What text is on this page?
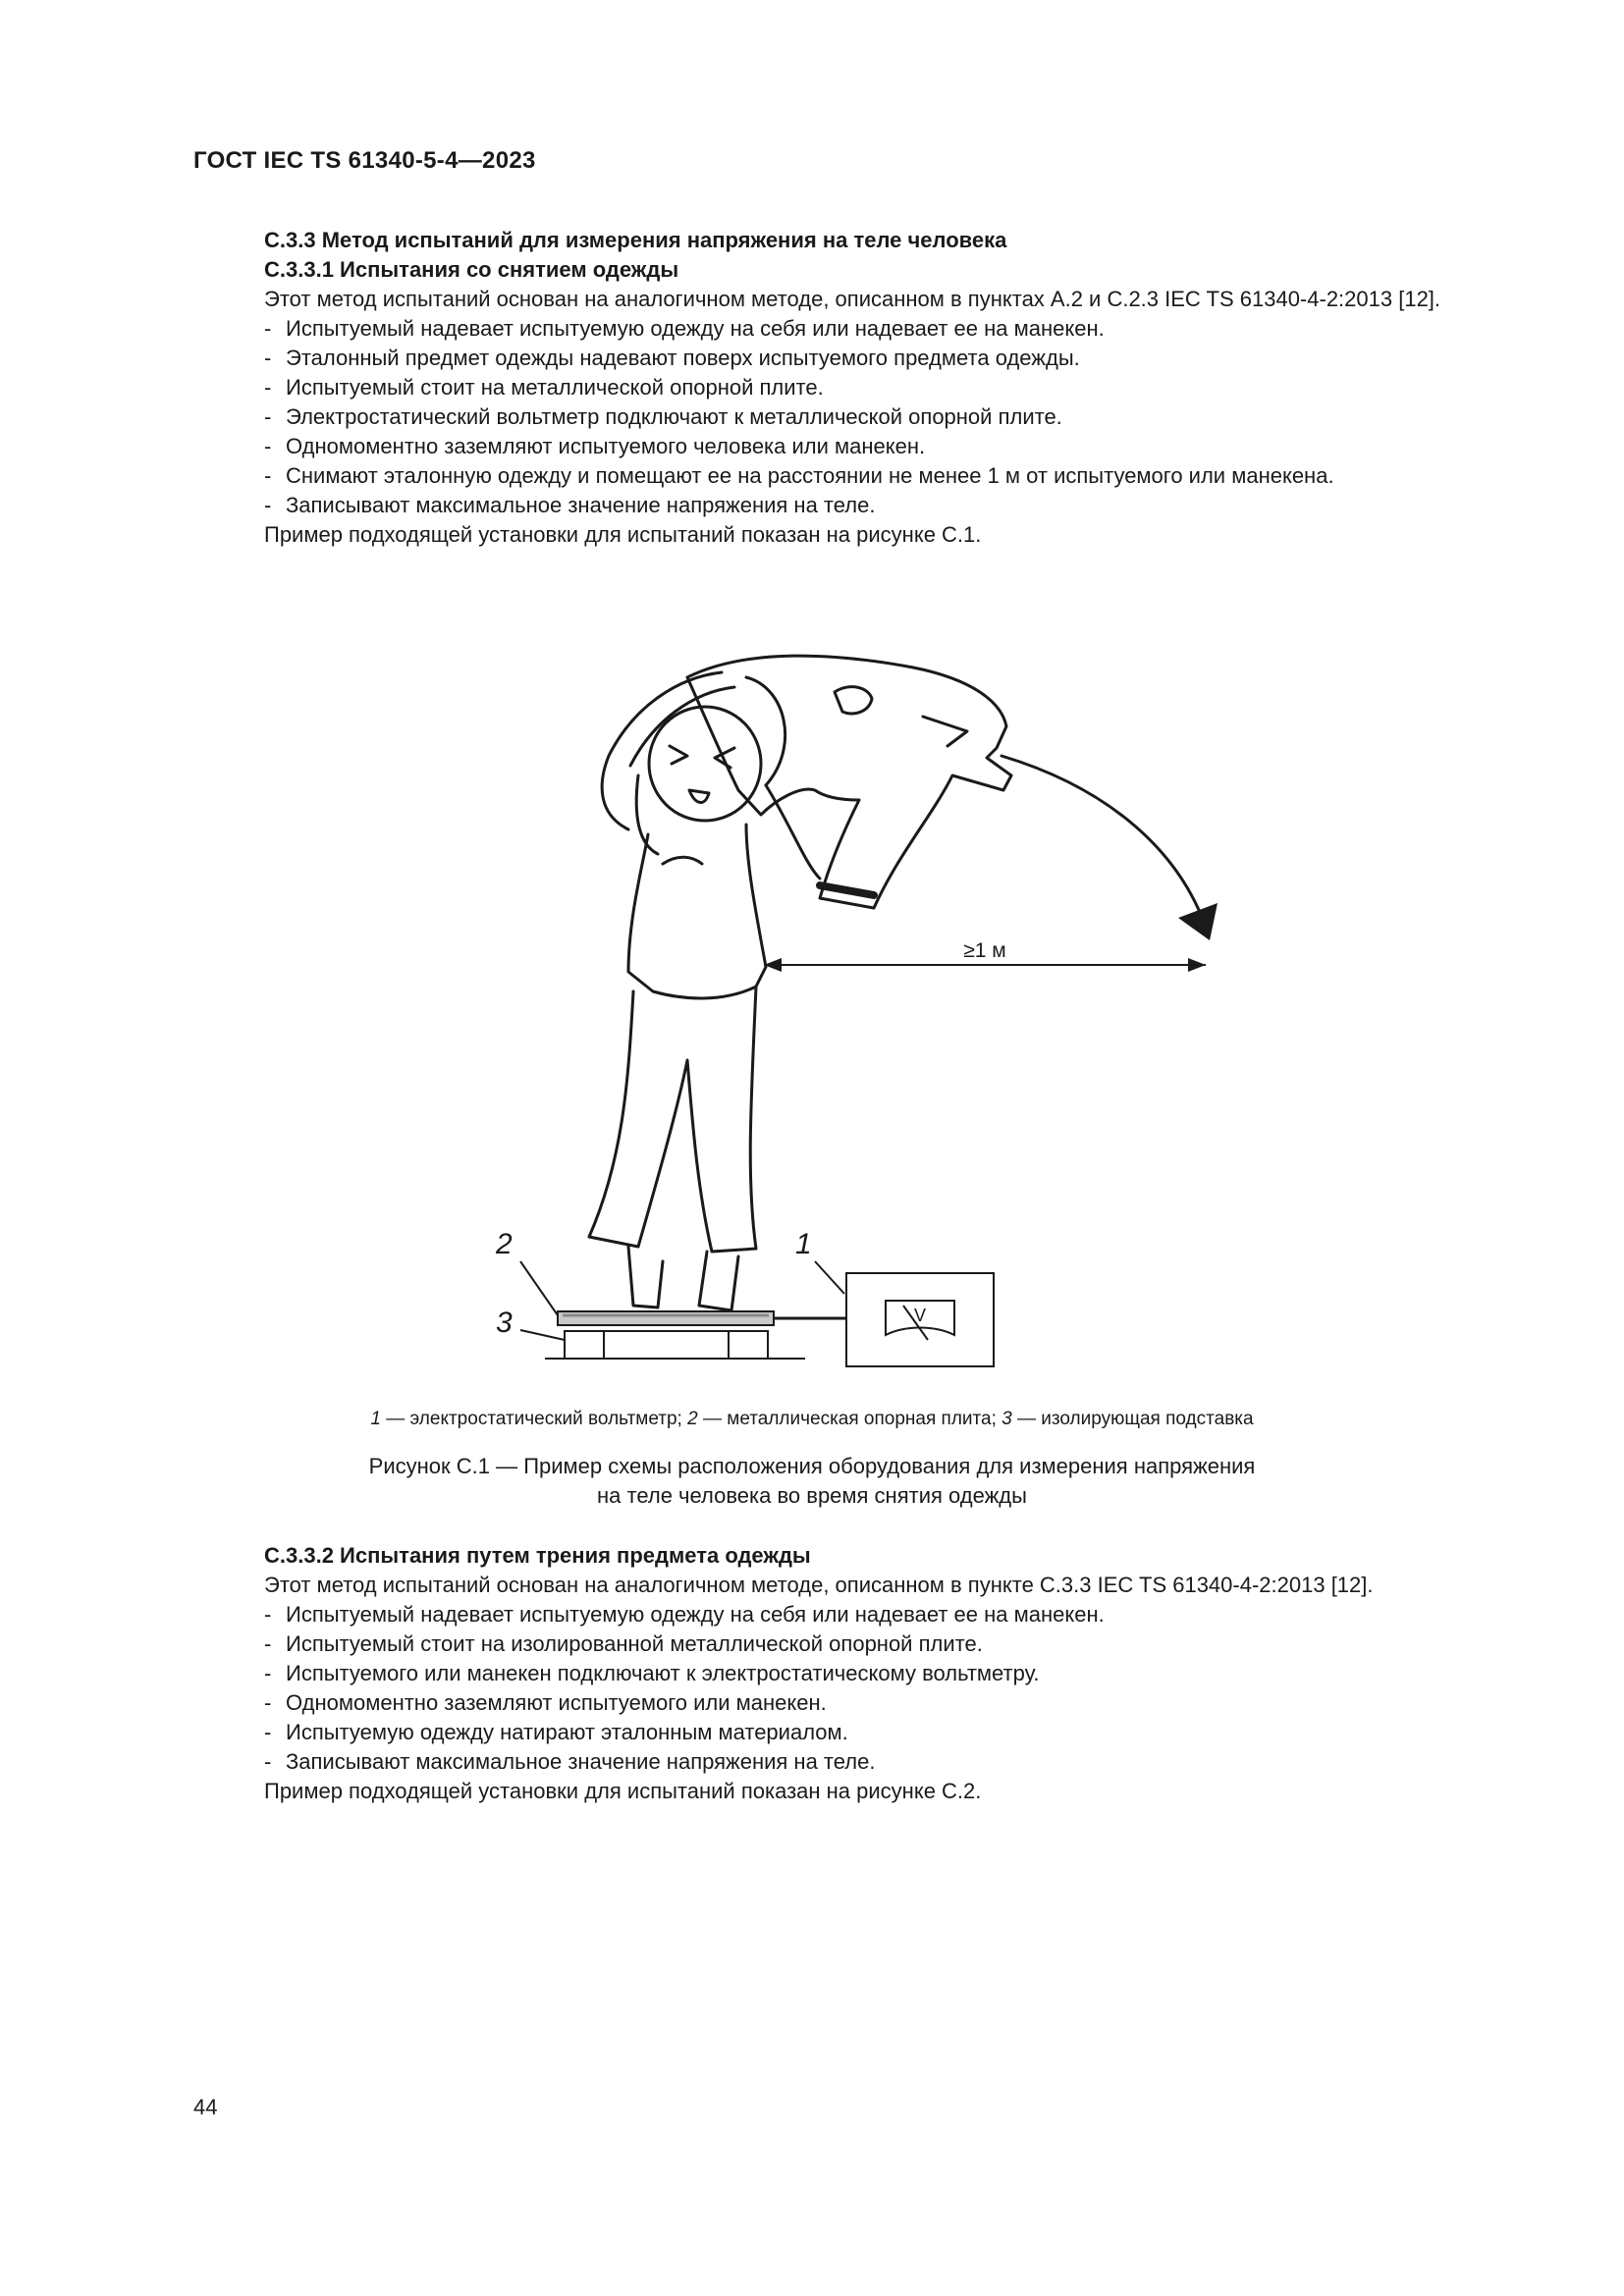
ГОСТ IEC TS 61340-5-4—2023
С.3.3 Метод испытаний для измерения напряжения на теле человека
С.3.3.1 Испытания со снятием одежды
Этот метод испытаний основан на аналогичном методе, описанном в пунктах А.2 и С.2.3 IEC TS 61340-4-2:2013 [12].
- Испытуемый надевает испытуемую одежду на себя или надевает ее на манекен.
- Эталонный предмет одежды надевают поверх испытуемого предмета одежды.
- Испытуемый стоит на металлической опорной плите.
- Электростатический вольтметр подключают к металлической опорной плите.
- Одномоментно заземляют испытуемого человека или манекен.
- Снимают эталонную одежду и помещают ее на расстоянии не менее 1 м от испытуемого или манекена.
- Записывают максимальное значение напряжения на теле.
Пример подходящей установки для испытаний показан на рисунке С.1.
≥1 м
2	1
3	V
1 — электростатический вольтметр; 2 — металлическая опорная плита; 3 — изолирующая подставка
Рисунок С.1 — Пример схемы расположения оборудования для измерения напряжения
на теле человека во время снятия одежды
С.3.3.2 Испытания путем трения предмета одежды
Этот метод испытаний основан на аналогичном методе, описанном в пункте С.3.3 IEC TS 61340-4-2:2013 [12].
- Испытуемый надевает испытуемую одежду на себя или надевает ее на манекен.
- Испытуемый стоит на изолированной металлической опорной плите.
- Испытуемого или манекен подключают к электростатическому вольтметру.
- Одномоментно заземляют испытуемого или манекен.
- Испытуемую одежду натирают эталонным материалом.
- Записывают максимальное значение напряжения на теле.
Пример подходящей установки для испытаний показан на рисунке С.2.
44
